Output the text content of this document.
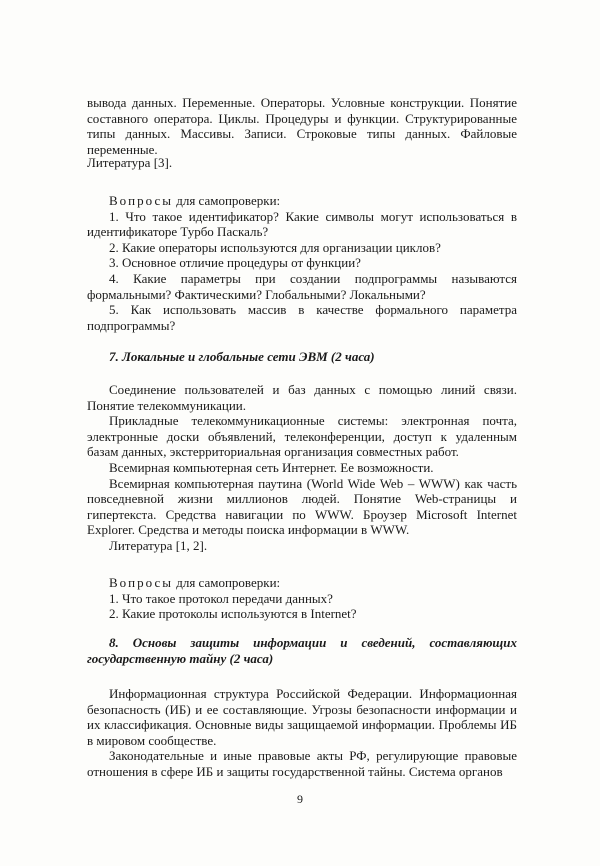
вывода данных. Переменные. Операторы. Условные конструкции. Понятие составного оператора. Циклы. Процедуры и функции. Структурированные типы данных. Массивы. Записи. Строковые типы данных. Файловые переменные.
Литература [3].
Вопросы для самопроверки:
1. Что такое идентификатор? Какие символы могут использоваться в идентификаторе Турбо Паскаль?
2. Какие операторы используются для организации циклов?
3. Основное отличие процедуры от функции?
4. Какие параметры при создании подпрограммы называются формальными? Фактическими? Глобальными? Локальными?
5. Как использовать массив в качестве формального параметра подпрограммы?
7. Локальные и глобальные сети ЭВМ (2 часа)
Соединение пользователей и баз данных с помощью линий связи. Понятие телекоммуникации.
Прикладные телекоммуникационные системы: электронная почта, электронные доски объявлений, телеконференции, доступ к удаленным базам данных, экстерриториальная организация совместных работ.
Всемирная компьютерная сеть Интернет. Ее возможности.
Всемирная компьютерная паутина (World Wide Web – WWW) как часть повседневной жизни миллионов людей. Понятие Web-страницы и гипертекста. Средства навигации по WWW. Броузер Microsoft Internet Explorer. Средства и методы поиска информации в WWW.
Литература [1, 2].
Вопросы для самопроверки:
1. Что такое протокол передачи данных?
2. Какие протоколы используются в Internet?
8. Основы защиты информации и сведений, составляющих государственную тайну (2 часа)
Информационная структура Российской Федерации. Информационная безопасность (ИБ) и ее составляющие. Угрозы безопасности информации и их классификация. Основные виды защищаемой информации. Проблемы ИБ в мировом сообществе.
Законодательные и иные правовые акты РФ, регулирующие правовые отношения в сфере ИБ и защиты государственной тайны. Система органов
9
